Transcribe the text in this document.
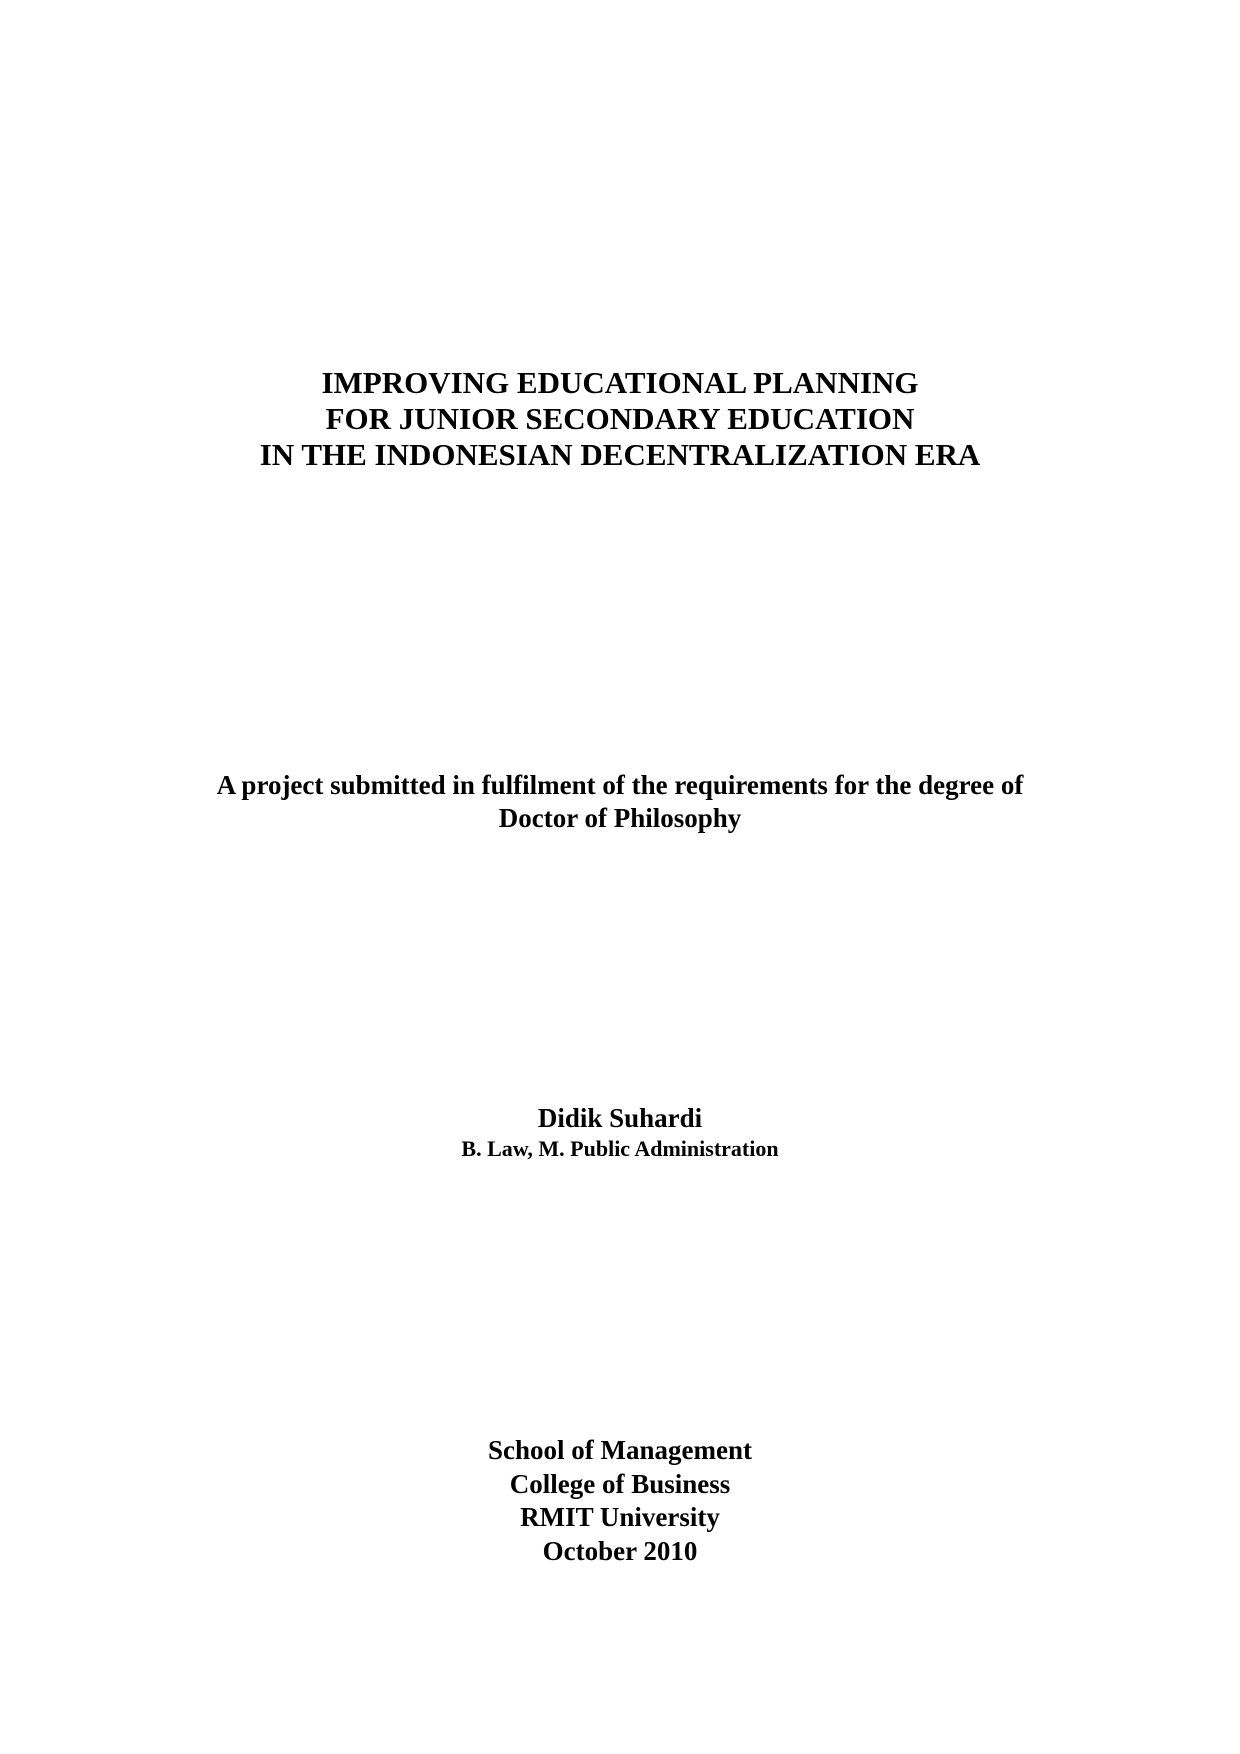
IMPROVING EDUCATIONAL PLANNING
FOR JUNIOR SECONDARY EDUCATION
IN THE INDONESIAN DECENTRALIZATION ERA
A project submitted in fulfilment of the requirements for the degree of
Doctor of Philosophy
Didik Suhardi
B. Law, M. Public Administration
School of Management
College of Business
RMIT University
October 2010
